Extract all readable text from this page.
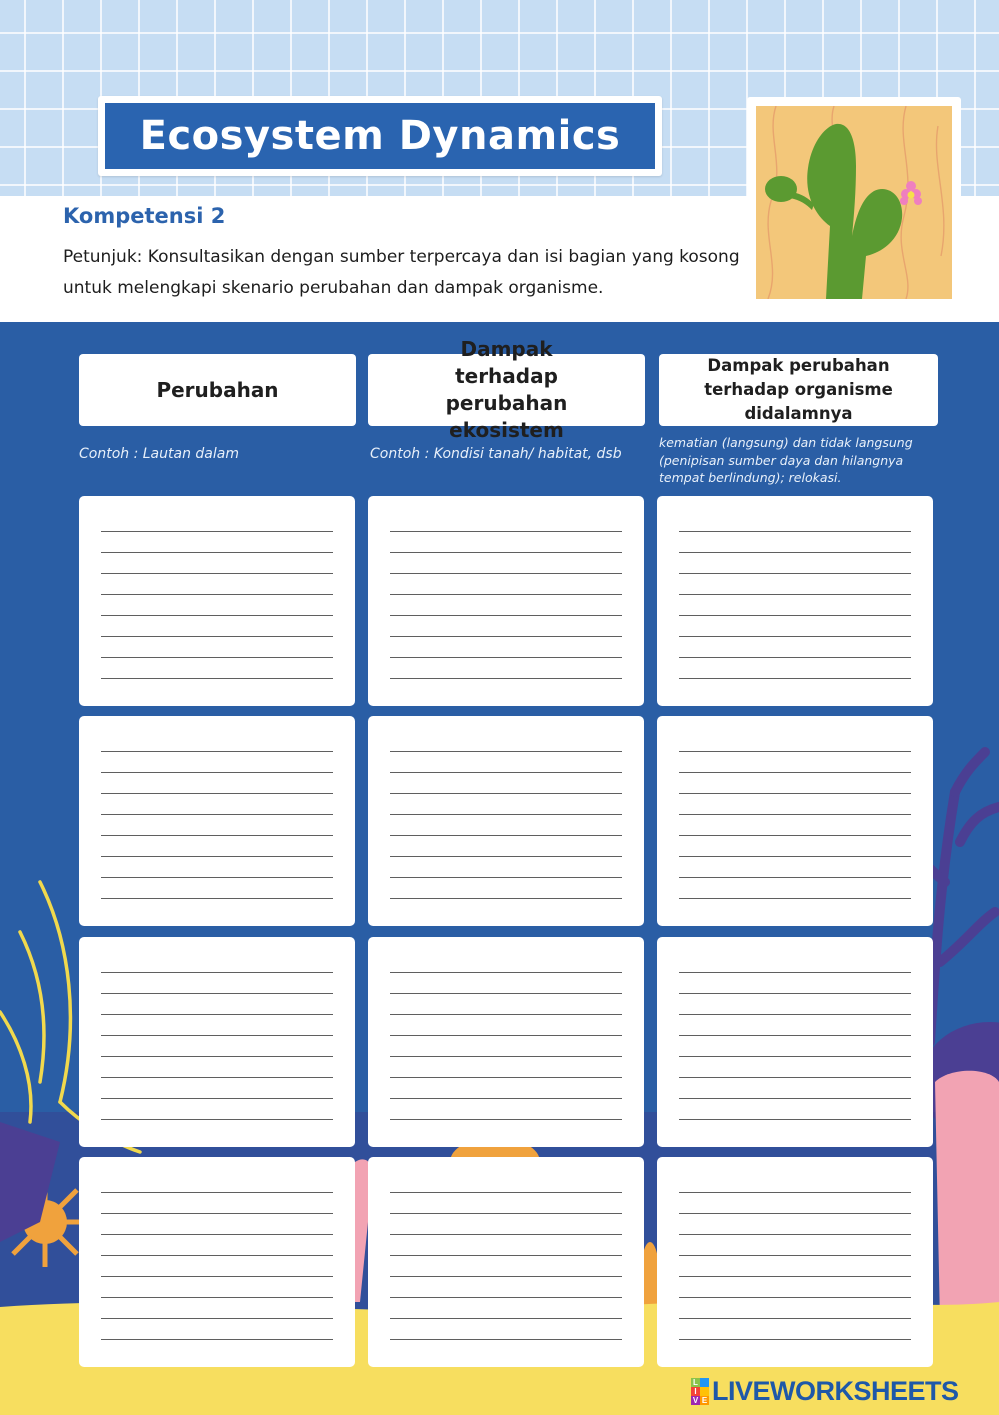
Ecosystem Dynamics
Kompetensi 2
Petunjuk: Konsultasikan dengan sumber terpercaya dan isi bagian yang kosong untuk melengkapi skenario perubahan dan dampak organisme.
Perubahan
Dampak terhadap perubahan ekosistem
Dampak perubahan terhadap organisme didalamnya
Contoh : Lautan dalam	Contoh : Kondisi tanah/ habitat, dsb
kematian (langsung) dan tidak langsung (penipisan sumber daya dan hilangnya tempat berlindung); relokasi.
L
I
V E LIVEWORKSHEETS
